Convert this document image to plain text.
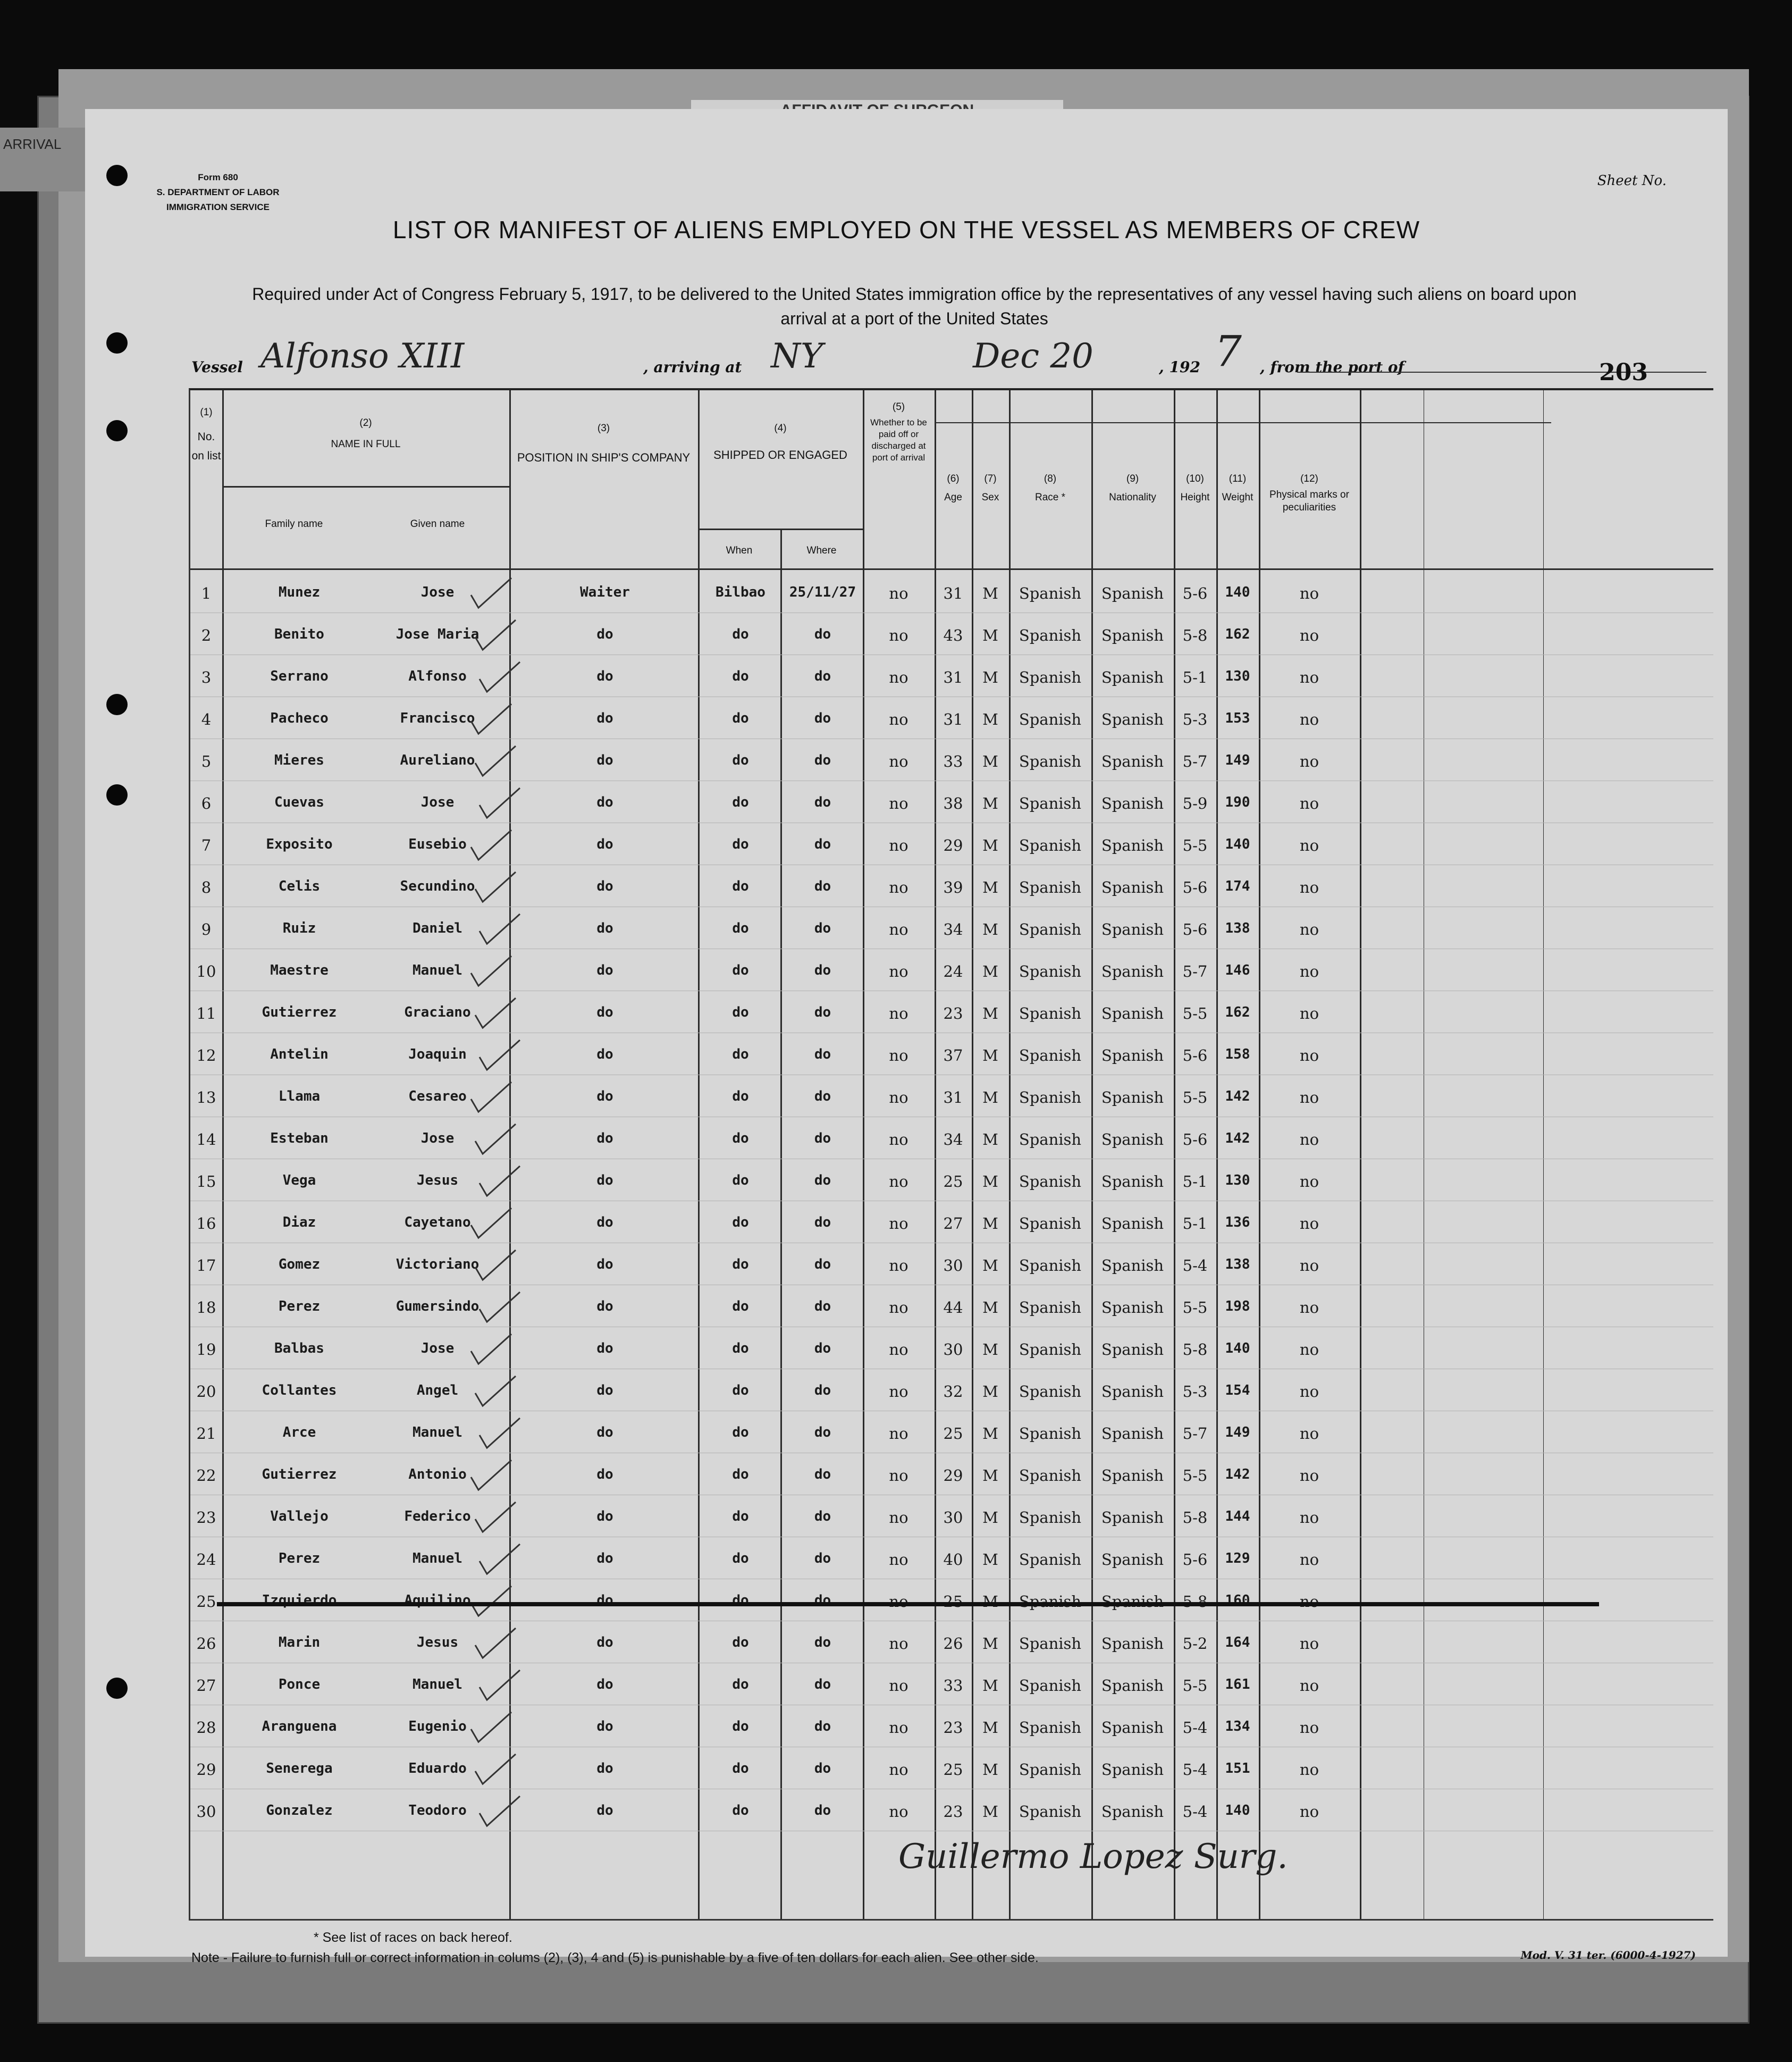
ARRIVAL
Form 680
S. DEPARTMENT OF LABOR
IMMIGRATION SERVICE
Sheet No.
LIST OR MANIFEST OF ALIENS EMPLOYED ON THE VESSEL AS MEMBERS OF CREW
Required under Act of Congress February 5, 1917, to be delivered to the United States immigration office by the representatives of any vessel having such aliens on board upon arrival at a port of the United States
Vessel Alfonso XIII	, arriving at NY	Dec 20	, 192 7 , from the port of	203
(1)
No. on list
(2)
NAME IN FULL
Family name	Given name
(3)
POSITION IN SHIP'S COMPANY
(4)
SHIPPED OR ENGAGED
When	Where
(5)
Whether to be paid off or discharged at port of arrival
(6)
Age
(7)
Sex
(8)
Race *
(9)
Nationality
(10)
Height
(11)
Weight
(12)
Physical marks or peculiarities
1	Munez	Jose	Waiter	Bilbao	25/11/27	no	31	M	Spanish	Spanish	5-6	140	no
2	Benito	Jose Maria	do	do	do	no	43	M	Spanish	Spanish	5-8	162	no
3	Serrano	Alfonso	do	do	do	no	31	M	Spanish	Spanish	5-1	130	no
4	Pacheco	Francisco	do	do	do	no	31	M	Spanish	Spanish	5-3	153	no
5	Mieres	Aureliano	do	do	do	no	33	M	Spanish	Spanish	5-7	149	no
6	Cuevas	Jose	do	do	do	no	38	M	Spanish	Spanish	5-9	190	no
7	Exposito	Eusebio	do	do	do	no	29	M	Spanish	Spanish	5-5	140	no
8	Celis	Secundino	do	do	do	no	39	M	Spanish	Spanish	5-6	174	no
9	Ruiz	Daniel	do	do	do	no	34	M	Spanish	Spanish	5-6	138	no
10	Maestre	Manuel	do	do	do	no	24	M	Spanish	Spanish	5-7	146	no
11	Gutierrez	Graciano	do	do	do	no	23	M	Spanish	Spanish	5-5	162	no
12	Antelin	Joaquin	do	do	do	no	37	M	Spanish	Spanish	5-6	158	no
13	Llama	Cesareo	do	do	do	no	31	M	Spanish	Spanish	5-5	142	no
14	Esteban	Jose	do	do	do	no	34	M	Spanish	Spanish	5-6	142	no
15	Vega	Jesus	do	do	do	no	25	M	Spanish	Spanish	5-1	130	no
16	Diaz	Cayetano	do	do	do	no	27	M	Spanish	Spanish	5-1	136	no
17	Gomez	Victoriano	do	do	do	no	30	M	Spanish	Spanish	5-4	138	no
18	Perez	Gumersindo	do	do	do	no	44	M	Spanish	Spanish	5-5	198	no
19	Balbas	Jose	do	do	do	no	30	M	Spanish	Spanish	5-8	140	no
20	Collantes	Angel	do	do	do	no	32	M	Spanish	Spanish	5-3	154	no
21	Arce	Manuel	do	do	do	no	25	M	Spanish	Spanish	5-7	149	no
22	Gutierrez	Antonio	do	do	do	no	29	M	Spanish	Spanish	5-5	142	no
23	Vallejo	Federico	do	do	do	no	30	M	Spanish	Spanish	5-8	144	no
24	Perez	Manuel	do	do	do	no	40	M	Spanish	Spanish	5-6	129	no
25	Izquierdo	Aquilino	do	do	do	no	25	M	Spanish	Spanish	5-8	160	no
26	Marin	Jesus	do	do	do	no	26	M	Spanish	Spanish	5-2	164	no
27	Ponce	Manuel	do	do	do	no	33	M	Spanish	Spanish	5-5	161	no
28	Aranguena	Eugenio	do	do	do	no	23	M	Spanish	Spanish	5-4	134	no
29	Senerega	Eduardo	do	do	do	no	25	M	Spanish	Spanish	5-4	151	no
30	Gonzalez	Teodoro	do	do	do	no	23	M	Spanish	Spanish	5-4	140	no
* See list of races on back hereof.
Note - Failure to furnish full or correct information in colums (2), (3), 4 and (5) is punishable by a five of ten dollars for each alien. See other side.	Mod. V. 31 ter. (6000-4-1927)
Guillermo Lopez Surg.
